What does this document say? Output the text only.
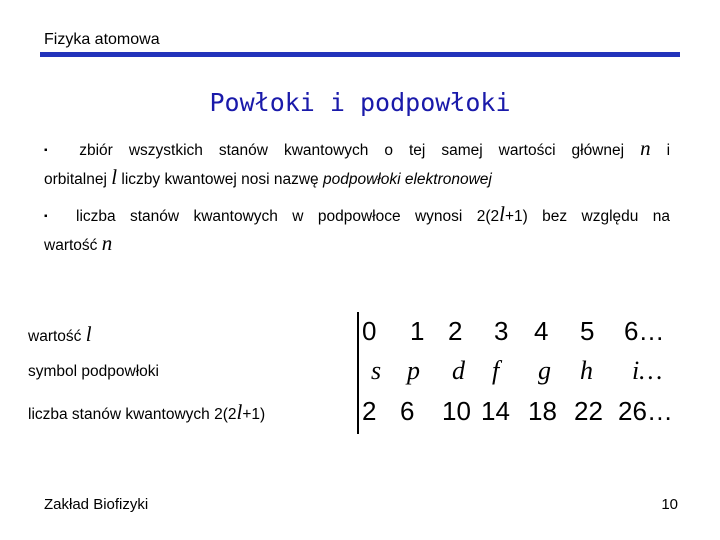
Fizyka atomowa
Powłoki i podpowłoki
▪ zbiór wszystkich stanów kwantowych o tej samej wartości głównej n i
orbitalnej l liczby kwantowej nosi nazwę podpowłoki elektronowej
▪ liczba stanów kwantowych w podpowłoce wynosi 2(2l+1) bez względu na
wartość n
wartość l
symbol podpowłoki
liczba stanów kwantowych 2(2l+1)
0 1 2 3 4 5 6…
s p d f g h i…
2 6 10 14 18 22 26…
Zakład Biofizyki	10
